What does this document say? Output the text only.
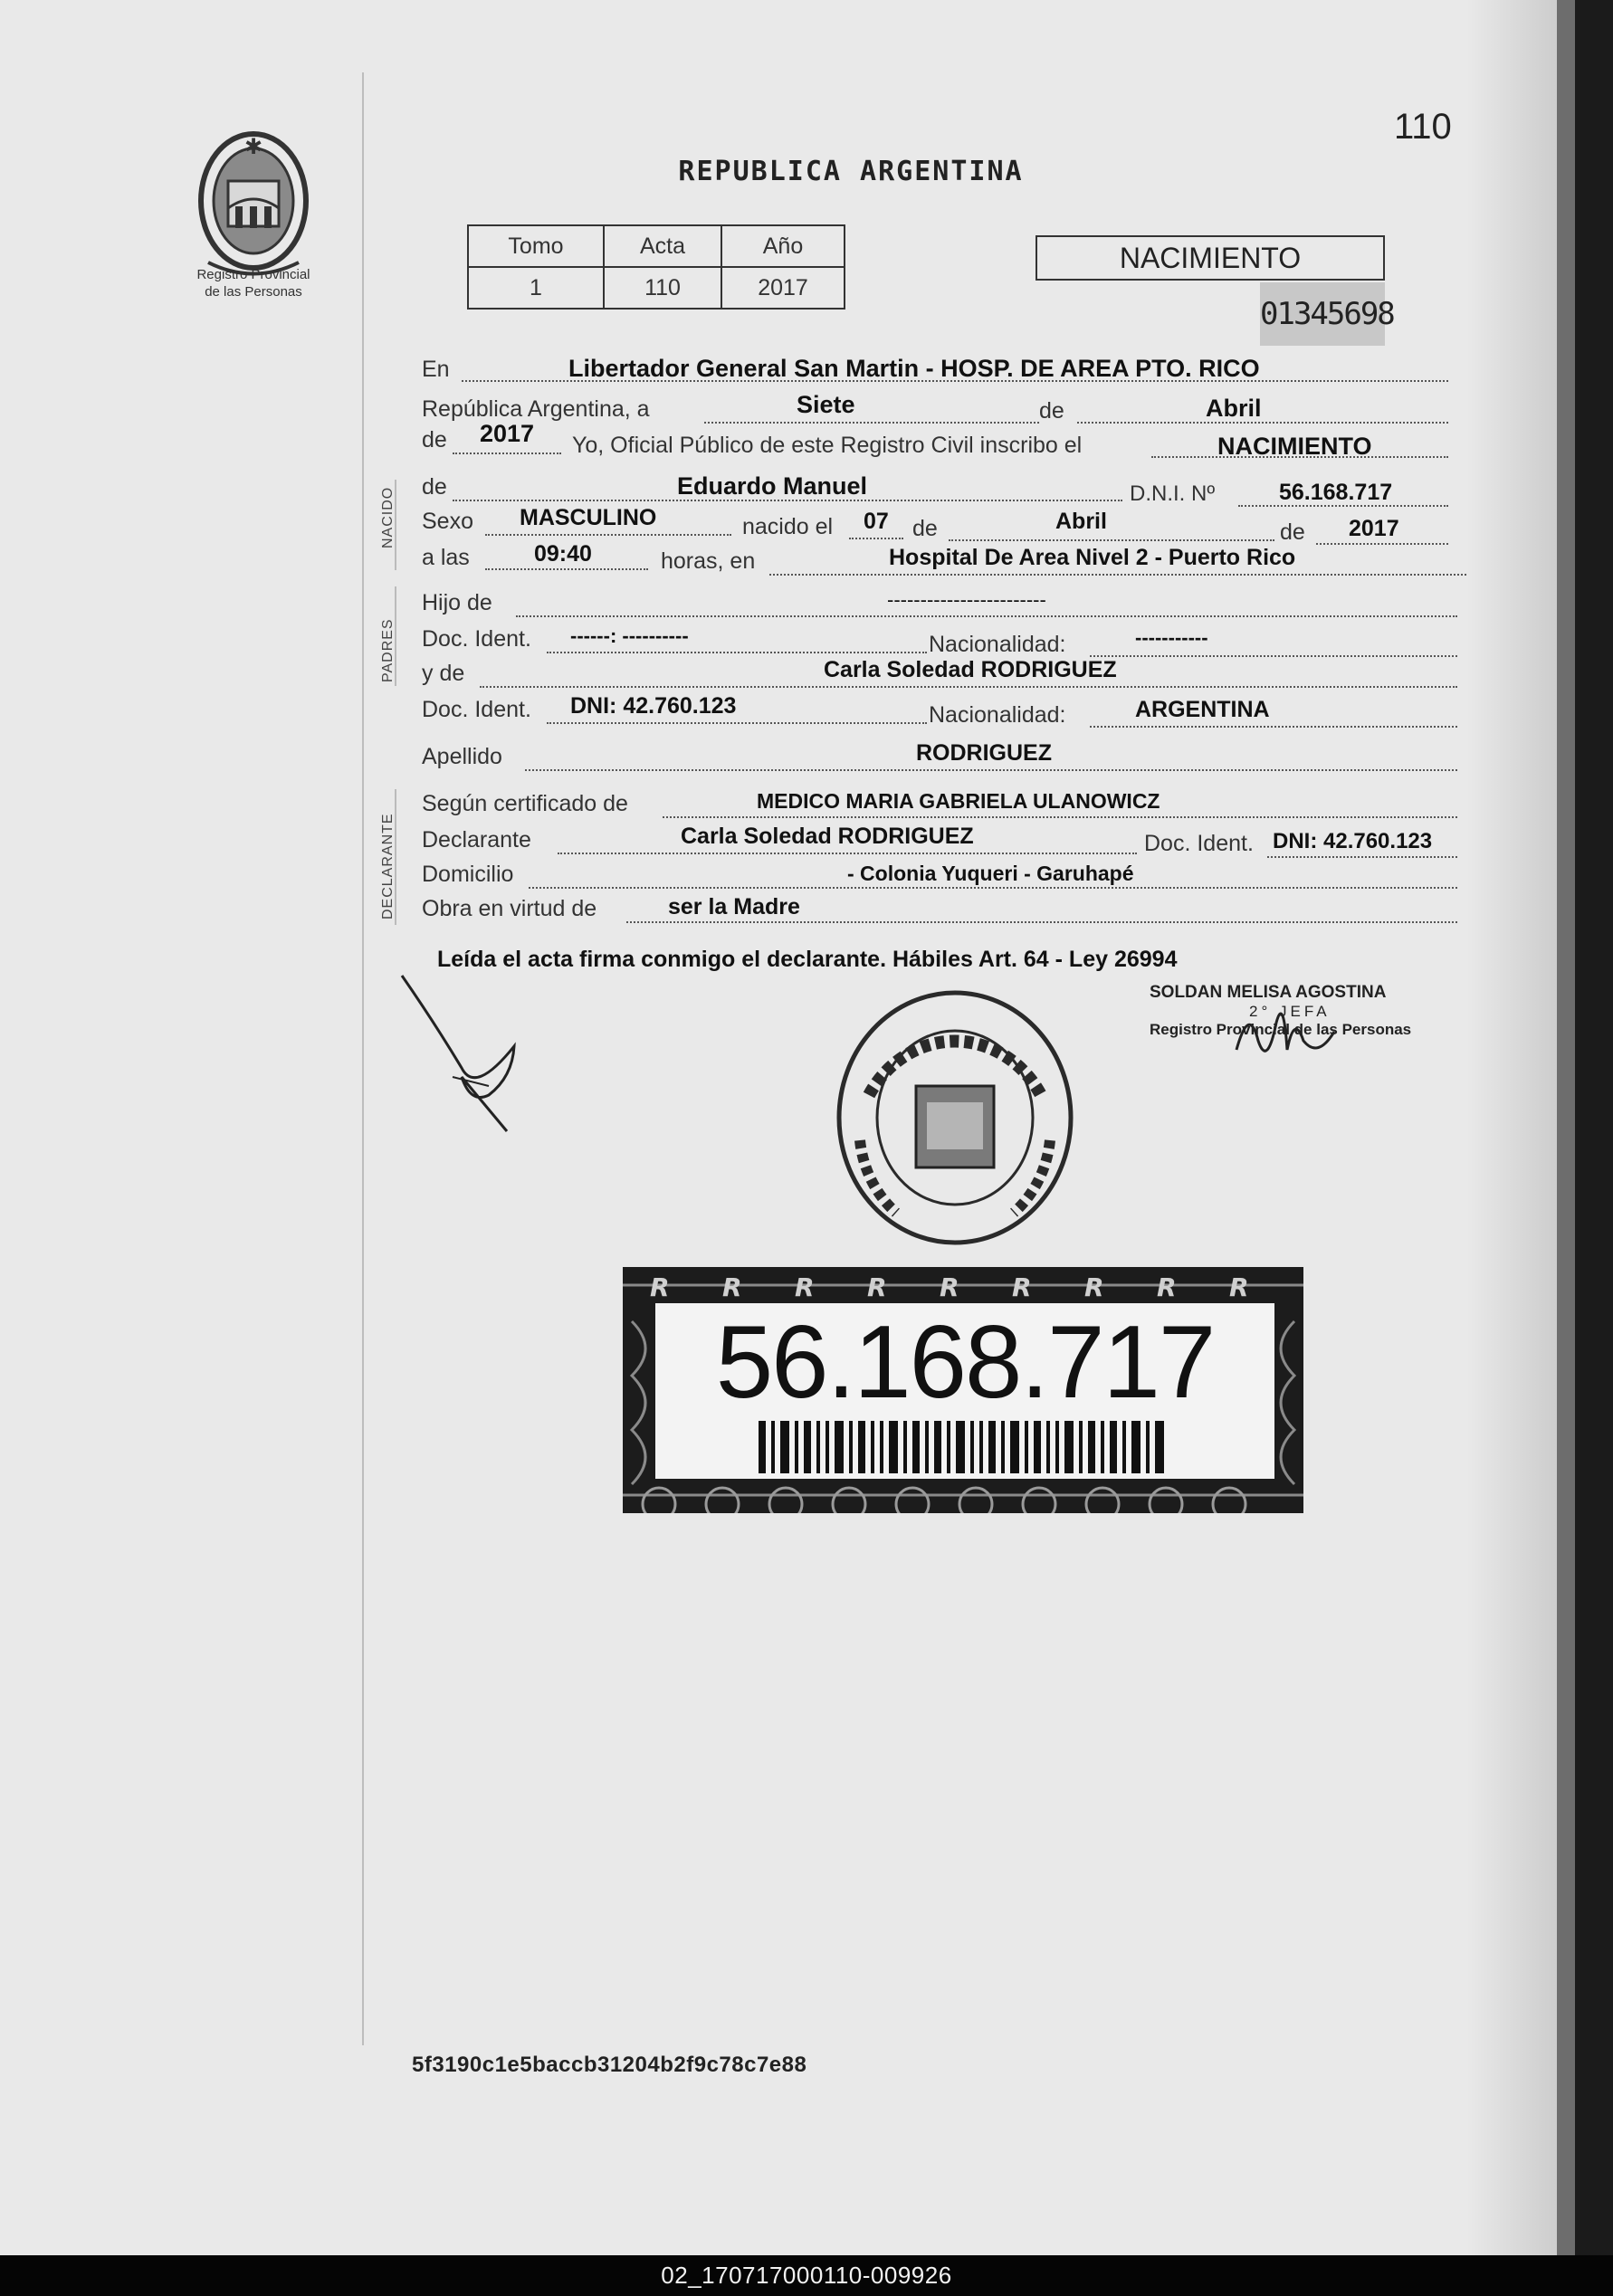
✱
Registro Provincial
de las Personas
110
REPUBLICA ARGENTINA
Tomo	Acta	Año
1	110	2017
NACIMIENTO
01345698
En	Libertador General San Martin - HOSP. DE AREA PTO. RICO
República Argentina, a	Siete	de	Abril
de 2017 Yo, Oficial Público de este Registro Civil inscribo el	NACIMIENTO
NACIDO de	Eduardo Manuel	D.N.I. Nº	56.168.717
Sexo MASCULINO	nacido el 07 de	Abril	de 2017
a las	09:40	horas, en	Hospital De Area Nivel 2 - Puerto Rico
PADRES
Hijo de	------------------------
Doc. Ident. ------: ----------	Nacionalidad:	-----------
y de	Carla Soledad RODRIGUEZ
Doc. Ident. DNI: 42.760.123	Nacionalidad:	ARGENTINA
Apellido	RODRIGUEZ
DECLARANTE
Según certificado de	MEDICO MARIA GABRIELA ULANOWICZ
Declarante	Carla Soledad RODRIGUEZ	Doc. Ident. DNI: 42.760.123
Domicilio	- Colonia Yuqueri - Garuhapé
Obra en virtud de	ser la Madre
Leída el acta firma conmigo el declarante. Hábiles Art. 64 - Ley 26994
SOLDAN MELISA AGOSTINA
2° JEFA
Registro Provincial de las Personas
R R R R R R R R R
56.168.717
5f3190c1e5baccb31204b2f9c78c7e88
02_170717000110-009926
